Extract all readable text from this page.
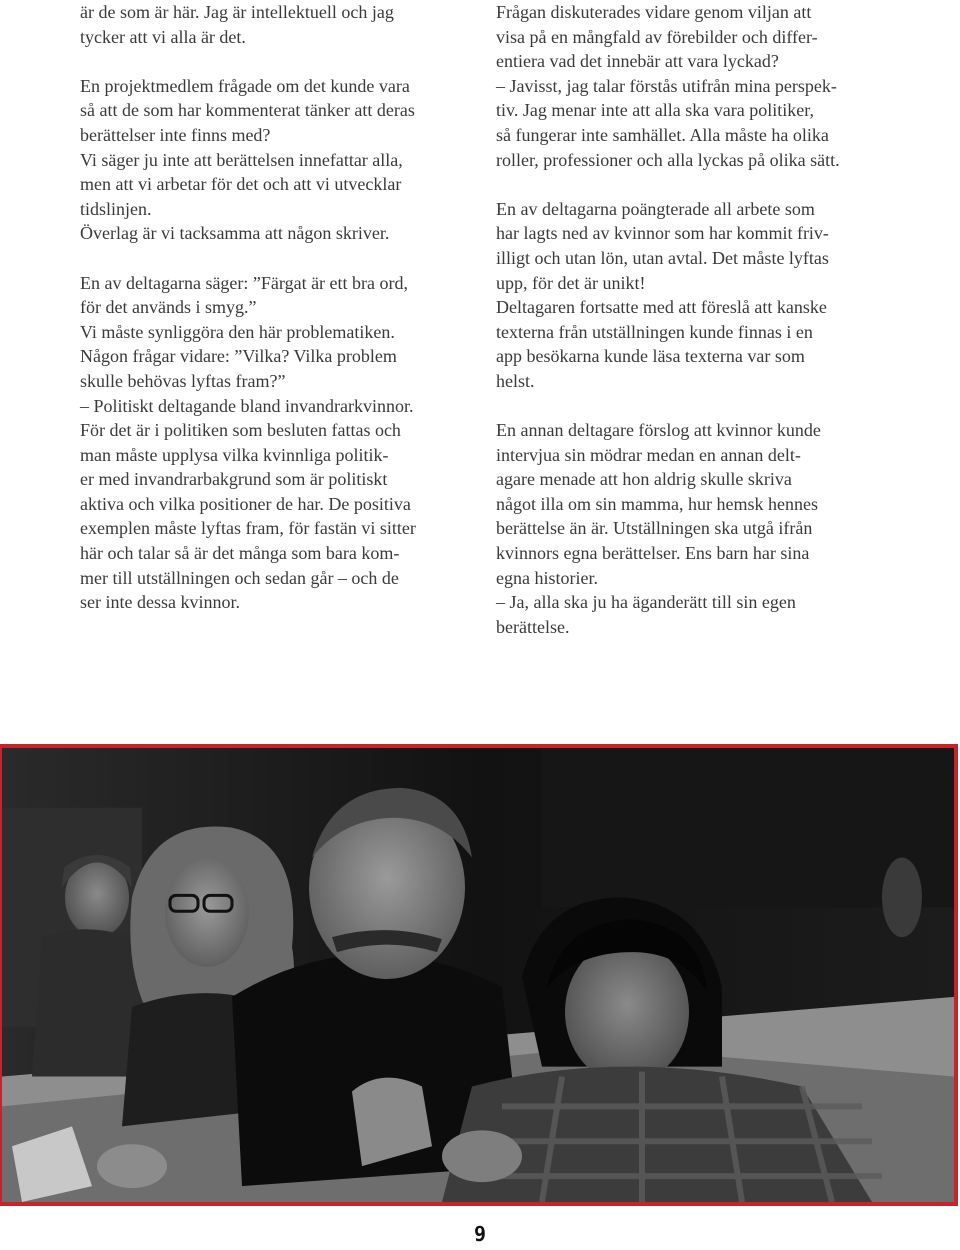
är de som är här. Jag är intellektuell och jag
tycker att vi alla är det.

En projektmedlem frågade om det kunde vara
så att de som har kommenterat tänker att deras
berättelser inte finns med?
Vi säger ju inte att berättelsen innefattar alla,
men att vi arbetar för det och att vi utvecklar
tidslinjen.
Överlag är vi tacksamma att någon skriver.

En av deltagarna säger: ”Färgat är ett bra ord,
för det används i smyg.”
Vi måste synliggöra den här problematiken.
Någon frågar vidare: ”Vilka? Vilka problem
skulle behövas lyftas fram?”
– Politiskt deltagande bland invandrarkvinnor.
För det är i politiken som besluten fattas och
man måste upplysa vilka kvinnliga politik-
er med invandrarbakgrund som är politiskt
aktiva och vilka positioner de har. De positiva
exemplen måste lyftas fram, för fastän vi sitter
här och talar så är det många som bara kom-
mer till utställningen och sedan går – och de
ser inte dessa kvinnor.

Frågan diskuterades vidare genom viljan att
visa på en mångfald av förebilder och differ-
entiera vad det innebär att vara lyckad?
– Javisst, jag talar förstås utifrån mina perspek-
tiv. Jag menar inte att alla ska vara politiker,
så fungerar inte samhället. Alla måste ha olika
roller, professioner och alla lyckas på olika sätt.

En av deltagarna poängterade all arbete som
har lagts ned av kvinnor som har kommit friv-
illigt och utan lön, utan avtal. Det måste lyftas
upp, för det är unikt!
Deltagaren fortsatte med att föreslå att kanske
texterna från utställningen kunde finnas i en
app besökarna kunde läsa texterna var som
helst.

En annan deltagare förslog att kvinnor kunde
intervjua sin mödrar medan en annan delt-
agare menade att hon aldrig skulle skriva
något illa om sin mamma, hur hemsk hennes
berättelse än är. Utställningen ska utgå ifrån
kvinnors egna berättelser. Ens barn har sina
egna historier.
– Ja, alla ska ju ha äganderätt till sin egen
berättelse.

9
